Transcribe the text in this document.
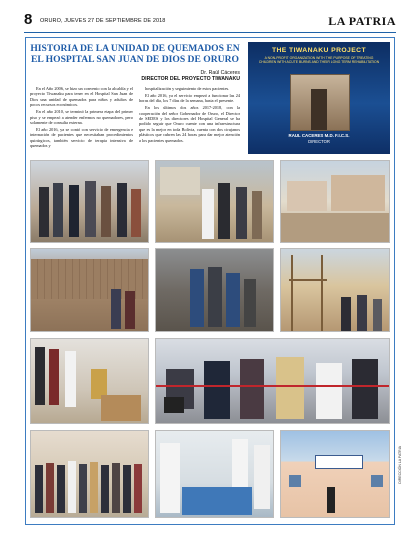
8 ORURO, JUEVES 27 DE SEPTIEMBRE DE 2018	LA PATRIA
HISTORIA DE LA UNIDAD DE QUEMADOS EN EL HOSPITAL SAN JUAN DE DIOS DE ORURO
Dr. Raúl Cáceres
DIRECTOR DEL PROYECTO TIWANAKU

En el Año 2006, se hizo un convenio con la alcaldía y el proyecto Tiwanaku para tener en el Hospital San Juan de Dios una unidad de quemados para niños y adultos de pocos recursos económicos.

En el año 2010, se terminó la primera etapa del primer piso y se empezó a atender enfermos no quemadores, pero solamente de consulta externa.

El año 2016, ya se contó con servicio de emergencia e internación de pacientes que necesitaban procedimientos quirúrgicos, también servicio de terapia intensiva de quemados y

hospitalización y seguimiento de estos pacientes.

El año 2016, ya el servicio empezó a funcionar las 24 horas del día, los 7 días de la semana, hasta el presente.

En los últimos dos años 2017-2018, con la cooperación del señor Gobernador de Oruro, el Director de SEDES y los directores del Hospital General se ha podido seguir que Oruro cuente con una infraestructura que es la mejor en toda Bolivia, cuenta con dos cirujanos plásticos que cubren las 24 horas para dar mejor atención a los pacientes quemados.

THE TIWANAKU PROJECT
A NON-PROFIT ORGANIZATION WITH THE PURPOSE OF TREATING CHILDREN WITH ACUTE BURNS AND THEIR LONG TERM REHABILITATION
RAUL CACERES M.D. F.I.C.S.
DIRECTOR
DIRECCIÓN LA PATRIA
